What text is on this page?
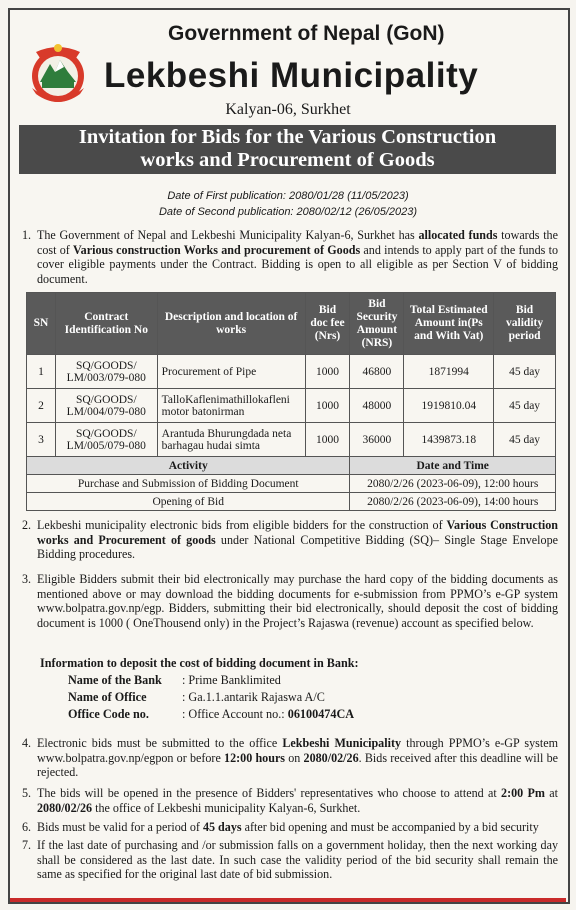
Government of Nepal (GoN)
Lekbeshi Municipality
Kalyan-06, Surkhet
Invitation for Bids for the Various Construction
works and Procurement of Goods
Date of First publication: 2080/01/28 (11/05/2023)
Date of Second publication: 2080/02/12 (26/05/2023)
1. The Government of Nepal and Lekbeshi Municipality Kalyan-6, Surkhet has allocated funds towards the cost of Various construction Works and procurement of Goods and intends to apply part of the funds to cover eligible payments under the Contract. Bidding is open to all eligible as per Section V of bidding document.
SN	Contract Identification No	Description and location of works	Bid doc fee (Nrs)	Bid Security Amount (NRS)	Total Estimated Amount in(Ps and With Vat)	Bid validity period
1	SQ/GOODS/ LM/003/079-080	Procurement of Pipe	1000	46800	1871994	45 day
2	SQ/GOODS/ LM/004/079-080	TalloKaflenimathillokafleni motor batonirman	1000	48000	1919810.04	45 day
3	SQ/GOODS/ LM/005/079-080	Arantuda Bhurungdada neta barhagau hudai simta	1000	36000	1439873.18	45 day
Activity				Date and Time		
Purchase and Submission of Bidding Document				2080/2/26 (2023-06-09), 12:00 hours		
Opening of Bid				2080/2/26 (2023-06-09), 14:00 hours		
2. Lekbeshi municipality electronic bids from eligible bidders for the construction of Various Construction works and Procurement of goods under National Competitive Bidding (SQ)– Single Stage Envelope Bidding procedures.
3. Eligible Bidders submit their bid electronically may purchase the hard copy of the bidding documents as mentioned above or may download the bidding documents for e-submission from PPMO’s e-GP system www.bolpatra.gov.np/egp. Bidders, submitting their bid electronically, should deposit the cost of bidding document is 1000 ( OneThousend only) in the Project’s Rajaswa (revenue) account as specified below.
Information to deposit the cost of bidding document in Bank:
Name of the Bank : Prime Banklimited
Name of Office	: Ga.1.1.antarik Rajaswa A/C
Office Code no.	: Office Account no.: 06100474CA
4. Electronic bids must be submitted to the office Lekbeshi Municipality through PPMO’s e-GP system www.bolpatra.gov.np/egpon or before 12:00 hours on 2080/02/26. Bids received after this deadline will be rejected.
5. The bids will be opened in the presence of Bidders' representatives who choose to attend at 2:00 Pm at 2080/02/26 the office of Lekbeshi municipality Kalyan-6, Surkhet.
6. Bids must be valid for a period of 45 days after bid opening and must be accompanied by a bid security
7. If the last date of purchasing and /or submission falls on a government holiday, then the next working day shall be considered as the last date. In such case the validity period of the bid security shall remain the same as specified for the original last date of bid submission.
